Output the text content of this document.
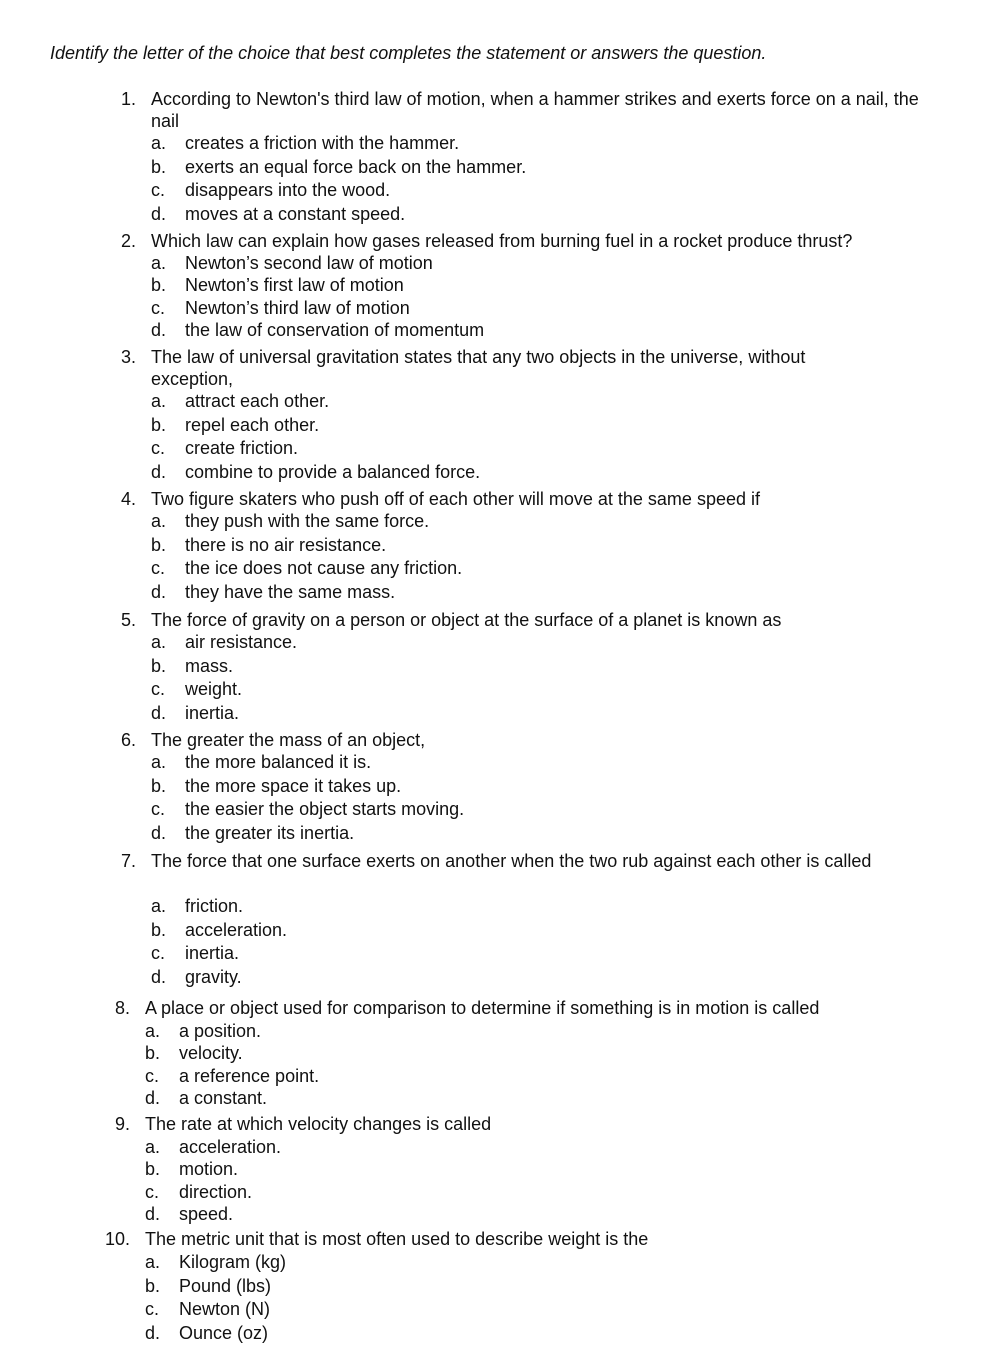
Identify the letter of the choice that best completes the statement or answers the question.

1. According to Newton's third law of motion, when a hammer strikes and exerts force on a nail, the nail
a. creates a friction with the hammer.
b. exerts an equal force back on the hammer.
c. disappears into the wood.
d. moves at a constant speed.
2. Which law can explain how gases released from burning fuel in a rocket produce thrust?
a. Newton’s second law of motion
b. Newton’s first law of motion
c. Newton’s third law of motion
d. the law of conservation of momentum
3. The law of universal gravitation states that any two objects in the universe, without exception,
a. attract each other.
b. repel each other.
c. create friction.
d. combine to provide a balanced force.
4. Two figure skaters who push off of each other will move at the same speed if
a. they push with the same force.
b. there is no air resistance.
c. the ice does not cause any friction.
d. they have the same mass.
5. The force of gravity on a person or object at the surface of a planet is known as
a. air resistance.
b. mass.
c. weight.
d. inertia.
6. The greater the mass of an object,
a. the more balanced it is.
b. the more space it takes up.
c. the easier the object starts moving.
d. the greater its inertia.
7. The force that one surface exerts on another when the two rub against each other is called
a. friction.
b. acceleration.
c. inertia.
d. gravity.
8. A place or object used for comparison to determine if something is in motion is called
a. a position.
b. velocity.
c. a reference point.
d. a constant.
9. The rate at which velocity changes is called
a. acceleration.
b. motion.
c. direction.
d. speed.
10. The metric unit that is most often used to describe weight is the
a. Kilogram (kg)
b. Pound (lbs)
c. Newton (N)
d. Ounce (oz)
